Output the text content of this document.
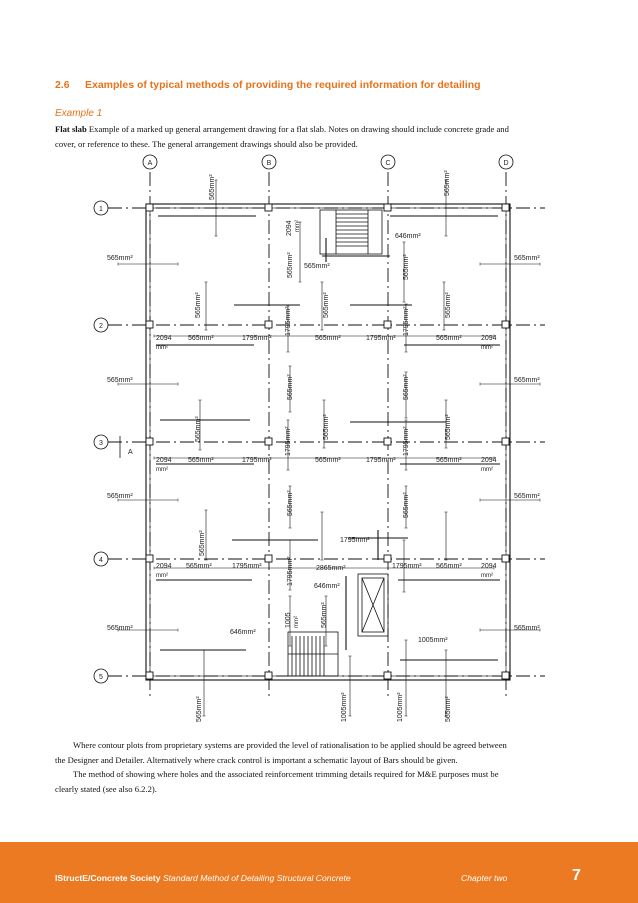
2.6 Examples of typical methods of providing the required information for detailing
Example 1
Flat slab Example of a marked up general arrangement drawing for a flat slab. Notes on drawing should include concrete grade and cover, or reference to these. The general arrangement drawings should also be provided.
A	B	C	D
1
2
3
4
5
A
565mm²	565mm²
565mm²	565mm²
565mm²	565mm²
565mm²	565mm²
565mm²	1795mm²	565mm²	1795mm²	565mm²
2094
mm²
2094
mm²
565mm²	1795mm²	565mm²	1795mm²	565mm²
2094
mm²
2094
mm²
565mm²	1795mm²	2865mm²	1795mm² 565mm²
2094
mm²
2094
mm²
1795mm²
646mm²
565mm²
646mm²
646mm²
1005mm²
565mm²	565mm²
2094 mm²
565mm²	565mm²
565mm²	565mm²	565mm²
1795mm²	1795mm²
565mm²	565mm²
565mm²	565mm²	565mm²
1795mm²	1795mm²
565mm²	565mm²
565mm²
1795mm²
1005 mm²	565mm²
565mm²	1005mm²	1005mm²	565mm²

Where contour plots from proprietary systems are provided the level of rationalisation to be applied should be agreed between the Designer and Detailer. Alternatively where crack control is important a schematic layout of Bars should be given.

The method of showing where holes and the associated reinforcement trimming details required for M&E purposes must be clearly stated (see also 6.2.2).

IStructE/Concrete Society Standard Method of Detailing Structural Concrete	Chapter two	7
